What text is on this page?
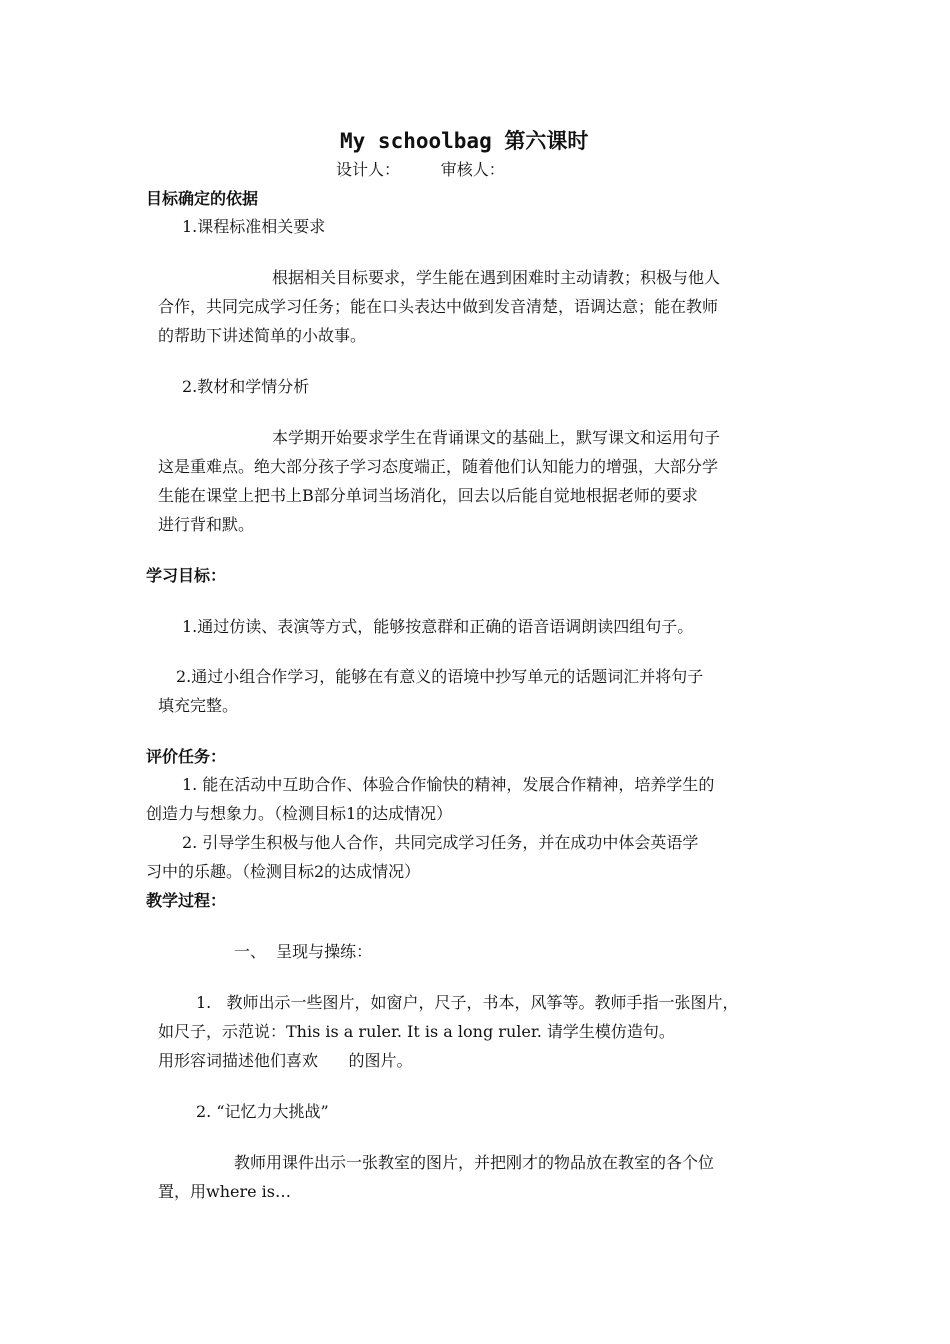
My schoolbag 第六课时
设计人：        审核人：
目标确定的依据
1.课程标准相关要求
根据相关目标要求，学生能在遇到困难时主动请教；积极与他人
合作，共同完成学习任务；能在口头表达中做到发音清楚，语调达意；能在教师
的帮助下讲述简单的小故事。
2.教材和学情分析
本学期开始要求学生在背诵课文的基础上，默写课文和运用句子
这是重难点。绝大部分孩子学习态度端正，随着他们认知能力的增强，大部分学
生能在课堂上把书上B部分单词当场消化，回去以后能自觉地根据老师的要求
进行背和默。
学习目标：
1.通过仿读、表演等方式，能够按意群和正确的语音语调朗读四组句子。
2.通过小组合作学习，能够在有意义的语境中抄写单元的话题词汇并将句子
填充完整。
评价任务：
1. 能在活动中互助合作、体验合作愉快的精神，发展合作精神，培养学生的
创造力与想象力。（检测目标1的达成情况）
2. 引导学生积极与他人合作，共同完成学习任务，并在成功中体会英语学
习中的乐趣。（检测目标2的达成情况）
教学过程：
一、  呈现与操练：
1.   教师出示一些图片，如窗户，尺子，书本，风筝等。教师手指一张图片，
如尺子，示范说：This is a ruler. It is a long ruler. 请学生模仿造句。
用形容词描述他们喜欢      的图片。
2. “记忆力大挑战”
教师用课件出示一张教室的图片，并把刚才的物品放在教室的各个位
置，用where is…
